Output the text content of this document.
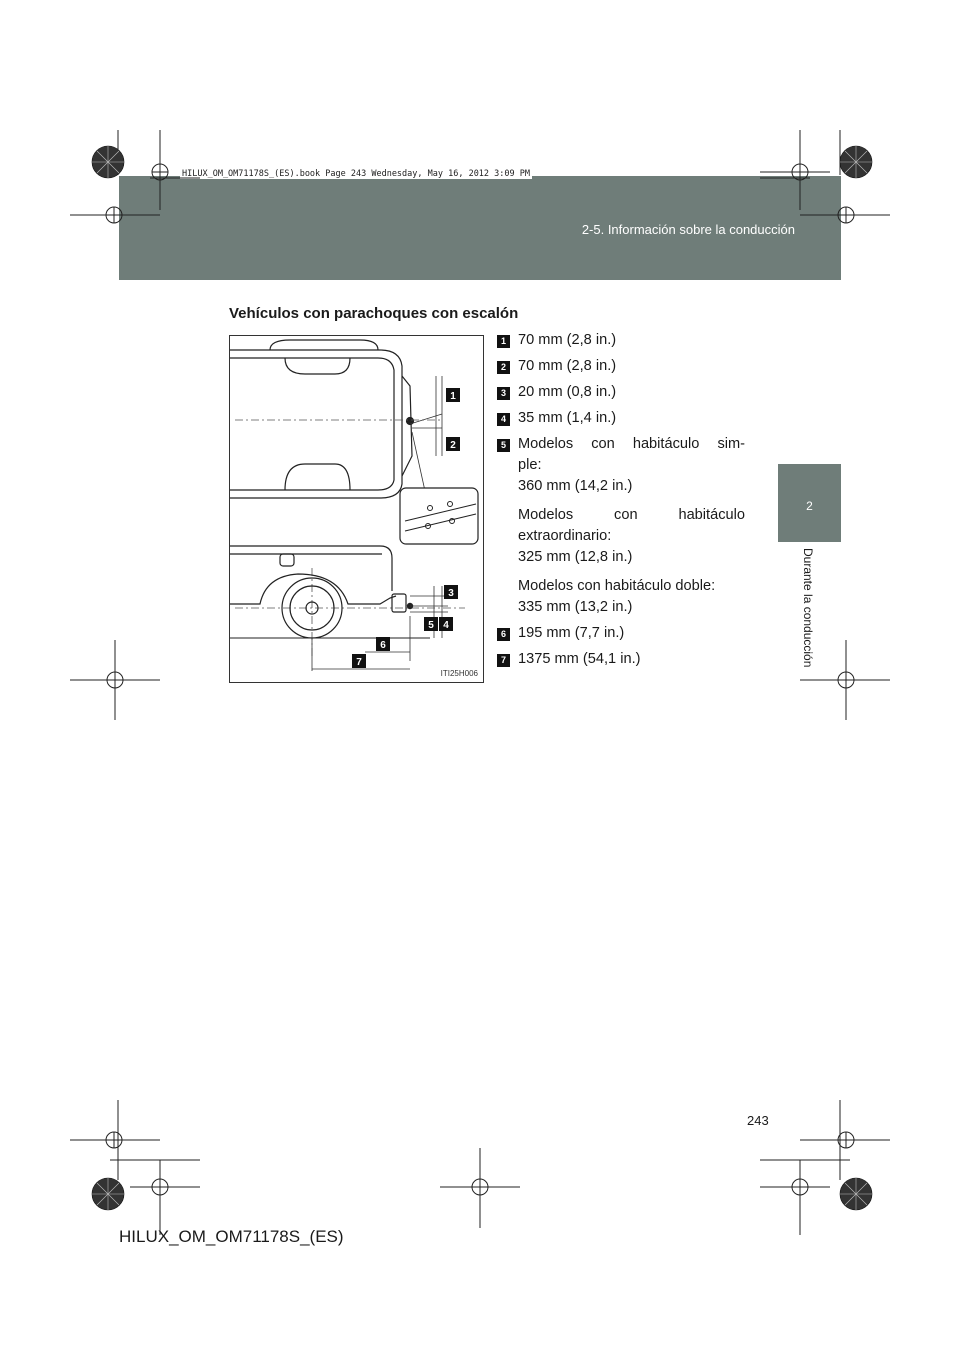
HILUX_OM_OM71178S_(ES).book Page 243 Wednesday, May 16, 2012 3:09 PM
2-5. Información sobre la conducción
2
Durante la conducción
Vehículos con parachoques con escalón
1
2
3
5 4
6
7
ITI25H006
1 70 mm (2,8 in.)
2 70 mm (2,8 in.)
3 20 mm (0,8 in.)
4 35 mm (1,4 in.)
5 Modelos con habitáculo sim-
ple:
360 mm (14,2 in.)
Modelos	con	habitáculo
extraordinario:
325 mm (12,8 in.)
Modelos con habitáculo doble:
335 mm (13,2 in.)
6 195 mm (7,7 in.)
7 1375 mm (54,1 in.)
243
HILUX_OM_OM71178S_(ES)
